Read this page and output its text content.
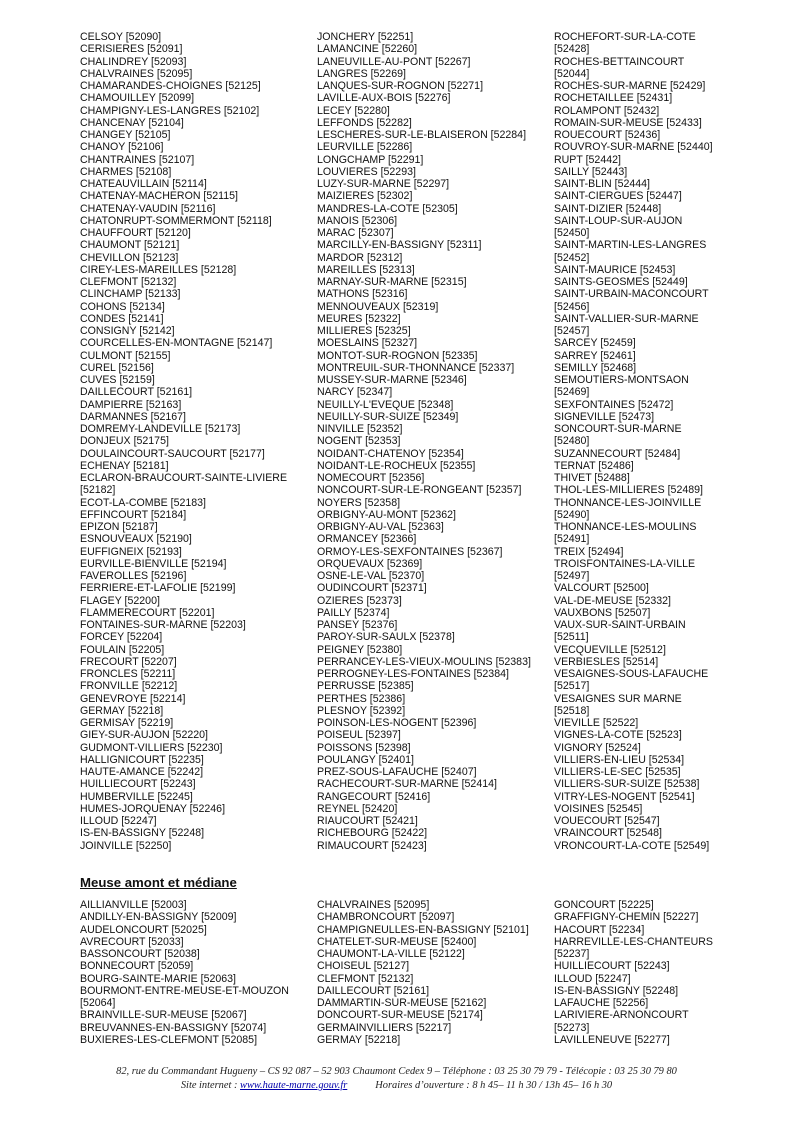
CELSOY [52090]
CERISIERES [52091]
CHALINDREY [52093]
CHALVRAINES [52095]
CHAMARANDES-CHOIGNES [52125]
CHAMOUILLEY [52099]
CHAMPIGNY-LES-LANGRES [52102]
CHANCENAY [52104]
CHANGEY [52105]
CHANOY [52106]
CHANTRAINES [52107]
CHARMES [52108]
CHATEAUVILLAIN [52114]
CHATENAY-MACHERON [52115]
CHATENAY-VAUDIN [52116]
CHATONRUPT-SOMMERMONT [52118]
CHAUFFOURT [52120]
CHAUMONT [52121]
CHEVILLON [52123]
CIREY-LES-MAREILLES [52128]
CLEFMONT [52132]
CLINCHAMP [52133]
COHONS [52134]
CONDES [52141]
CONSIGNY [52142]
COURCELLES-EN-MONTAGNE [52147]
CULMONT [52155]
CUREL [52156]
CUVES [52159]
DAILLECOURT [52161]
DAMPIERRE [52163]
DARMANNES [52167]
DOMREMY-LANDEVILLE [52173]
DONJEUX [52175]
DOULAINCOURT-SAUCOURT [52177]
ECHENAY [52181]
ECLARON-BRAUCOURT-SAINTE-LIVIERE
[52182]
ECOT-LA-COMBE [52183]
EFFINCOURT [52184]
EPIZON [52187]
ESNOUVEAUX [52190]
EUFFIGNEIX [52193]
EURVILLE-BIENVILLE [52194]
FAVEROLLES [52196]
FERRIERE-ET-LAFOLIE [52199]
FLAGEY [52200]
FLAMMERECOURT [52201]
FONTAINES-SUR-MARNE [52203]
FORCEY [52204]
FOULAIN [52205]
FRECOURT [52207]
FRONCLES [52211]
FRONVILLE [52212]
GENEVROYE [52214]
GERMAY [52218]
GERMISAY [52219]
GIEY-SUR-AUJON [52220]
GUDMONT-VILLIERS [52230]
HALLIGNICOURT [52235]
HAUTE-AMANCE [52242]
HUILLIECOURT [52243]
HUMBERVILLE [52245]
HUMES-JORQUENAY [52246]
ILLOUD [52247]
IS-EN-BASSIGNY [52248]
JOINVILLE [52250]
JONCHERY [52251]
LAMANCINE [52260]
LANEUVILLE-AU-PONT [52267]
LANGRES [52269]
LANQUES-SUR-ROGNON [52271]
LAVILLE-AUX-BOIS [52276]
LECEY [52280]
LEFFONDS [52282]
LESCHERES-SUR-LE-BLAISERON [52284]
LEURVILLE [52286]
LONGCHAMP [52291]
LOUVIERES [52293]
LUZY-SUR-MARNE [52297]
MAIZIERES [52302]
MANDRES-LA-COTE [52305]
MANOIS [52306]
MARAC [52307]
MARCILLY-EN-BASSIGNY [52311]
MARDOR [52312]
MAREILLES [52313]
MARNAY-SUR-MARNE [52315]
MATHONS [52316]
MENNOUVEAUX [52319]
MEURES [52322]
MILLIERES [52325]
MOESLAINS [52327]
MONTOT-SUR-ROGNON [52335]
MONTREUIL-SUR-THONNANCE [52337]
MUSSEY-SUR-MARNE [52346]
NARCY [52347]
NEUILLY-L'EVEQUE [52348]
NEUILLY-SUR-SUIZE [52349]
NINVILLE [52352]
NOGENT [52353]
NOIDANT-CHATENOY [52354]
NOIDANT-LE-ROCHEUX [52355]
NOMECOURT [52356]
NONCOURT-SUR-LE-RONGEANT [52357]
NOYERS [52358]
ORBIGNY-AU-MONT [52362]
ORBIGNY-AU-VAL [52363]
ORMANCEY [52366]
ORMOY-LES-SEXFONTAINES [52367]
ORQUEVAUX [52369]
OSNE-LE-VAL [52370]
OUDINCOURT [52371]
OZIERES [52373]
PAILLY [52374]
PANSEY [52376]
PAROY-SUR-SAULX [52378]
PEIGNEY [52380]
PERRANCEY-LES-VIEUX-MOULINS [52383]
PERROGNEY-LES-FONTAINES [52384]
PERRUSSE [52385]
PERTHES [52386]
PLESNOY [52392]
POINSON-LES-NOGENT [52396]
POISEUL [52397]
POISSONS [52398]
POULANGY [52401]
PREZ-SOUS-LAFAUCHE [52407]
RACHECOURT-SUR-MARNE [52414]
RANGECOURT [52416]
REYNEL [52420]
RIAUCOURT [52421]
RICHEBOURG [52422]
RIMAUCOURT [52423]
ROCHEFORT-SUR-LA-COTE
[52428]
ROCHES-BETTAINCOURT
[52044]
ROCHES-SUR-MARNE [52429]
ROCHETAILLEE [52431]
ROLAMPONT [52432]
ROMAIN-SUR-MEUSE [52433]
ROUECOURT [52436]
ROUVROY-SUR-MARNE [52440]
RUPT [52442]
SAILLY [52443]
SAINT-BLIN [52444]
SAINT-CIERGUES [52447]
SAINT-DIZIER [52448]
SAINT-LOUP-SUR-AUJON
[52450]
SAINT-MARTIN-LES-LANGRES
[52452]
SAINT-MAURICE [52453]
SAINTS-GEOSMES [52449]
SAINT-URBAIN-MACONCOURT
[52456]
SAINT-VALLIER-SUR-MARNE
[52457]
SARCEY [52459]
SARREY [52461]
SEMILLY [52468]
SEMOUTIERS-MONTSAON
[52469]
SEXFONTAINES [52472]
SIGNEVILLE [52473]
SONCOURT-SUR-MARNE
[52480]
SUZANNECOURT [52484]
TERNAT [52486]
THIVET [52488]
THOL-LES-MILLIERES [52489]
THONNANCE-LES-JOINVILLE
[52490]
THONNANCE-LES-MOULINS
[52491]
TREIX [52494]
TROISFONTAINES-LA-VILLE
[52497]
VALCOURT [52500]
VAL-DE-MEUSE [52332]
VAUXBONS [52507]
VAUX-SUR-SAINT-URBAIN
[52511]
VECQUEVILLE [52512]
VERBIESLES [52514]
VESAIGNES-SOUS-LAFAUCHE
[52517]
VESAIGNES SUR MARNE
[52518]
VIEVILLE [52522]
VIGNES-LA-COTE [52523]
VIGNORY [52524]
VILLIERS-EN-LIEU [52534]
VILLIERS-LE-SEC [52535]
VILLIERS-SUR-SUIZE [52538]
VITRY-LES-NOGENT [52541]
VOISINES [52545]
VOUECOURT [52547]
VRAINCOURT [52548]
VRONCOURT-LA-COTE [52549]
Meuse amont et médiane
AILLIANVILLE [52003]
ANDILLY-EN-BASSIGNY [52009]
AUDELONCOURT [52025]
AVRECOURT [52033]
BASSONCOURT [52038]
BONNECOURT [52059]
BOURG-SAINTE-MARIE [52063]
BOURMONT-ENTRE-MEUSE-ET-MOUZON
[52064]
BRAINVILLE-SUR-MEUSE [52067]
BREUVANNES-EN-BASSIGNY [52074]
BUXIERES-LES-CLEFMONT [52085]
CHALVRAINES [52095]
CHAMBRONCOURT [52097]
CHAMPIGNEULLES-EN-BASSIGNY [52101]
CHATELET-SUR-MEUSE [52400]
CHAUMONT-LA-VILLE [52122]
CHOISEUL [52127]
CLEFMONT [52132]
DAILLECOURT [52161]
DAMMARTIN-SUR-MEUSE [52162]
DONCOURT-SUR-MEUSE [52174]
GERMAINVILLIERS [52217]
GERMAY [52218]
GONCOURT [52225]
GRAFFIGNY-CHEMIN [52227]
HACOURT [52234]
HARREVILLE-LES-CHANTEURS
[52237]
HUILLIECOURT [52243]
ILLOUD [52247]
IS-EN-BASSIGNY [52248]
LAFAUCHE [52256]
LARIVIERE-ARNONCOURT
[52273]
LAVILLENEUVE [52277]
82, rue du Commandant Hugueny – CS 92 087 – 52 903 Chaumont Cedex 9 – Téléphone : 03 25 30 79 79 - Télécopie : 03 25 30 79 80
Site internet : www.haute-marne.gouv.fr	Horaires d’ouverture : 8 h 45– 11 h 30 / 13h 45– 16 h 30
